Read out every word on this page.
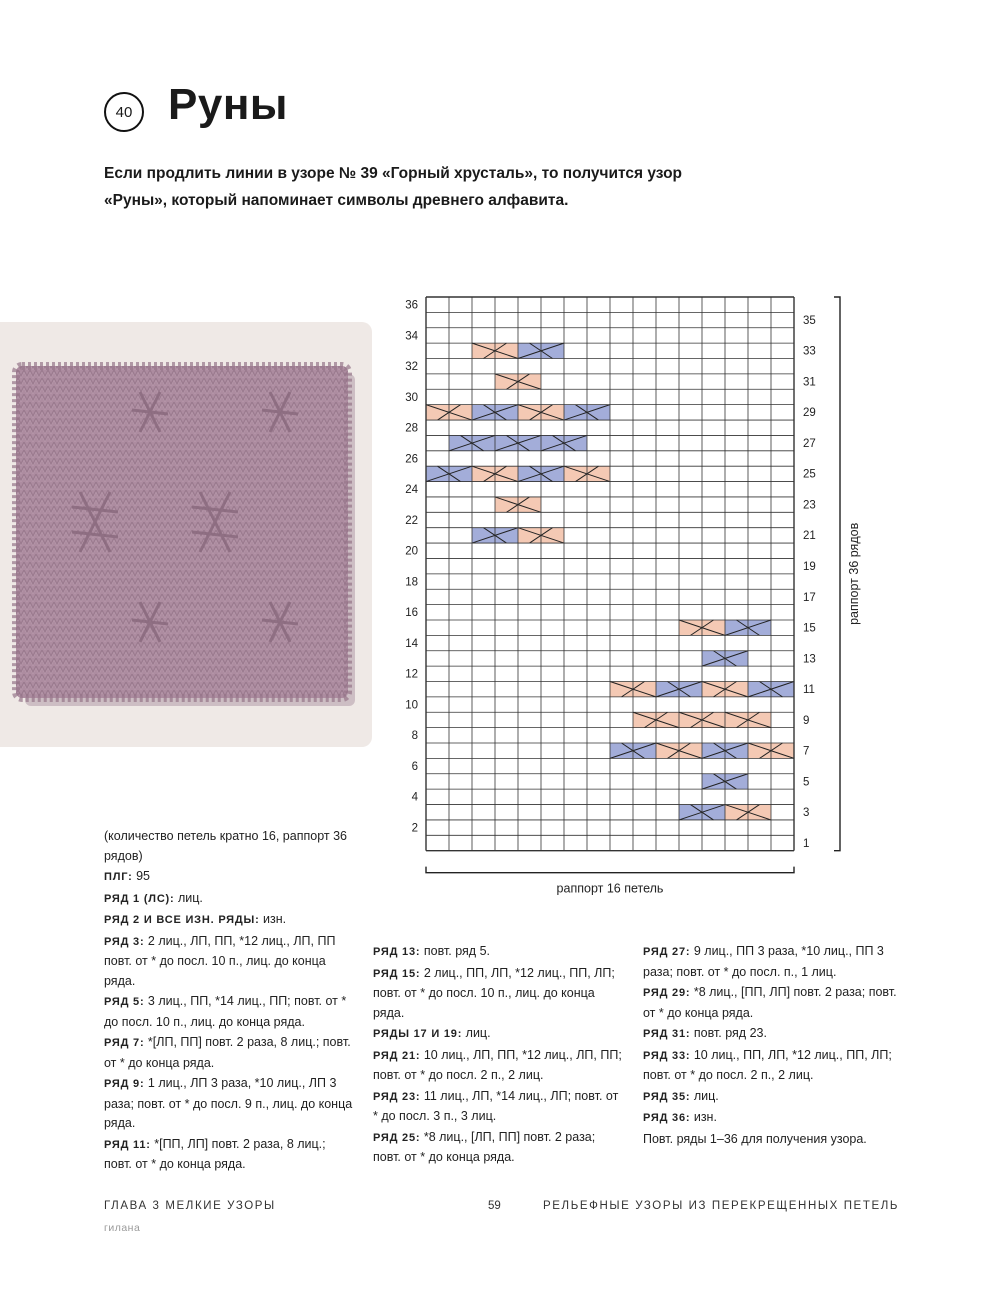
40 Руны

Если продлить линии в узоре № 39 «Горный хрусталь», то получится узор «Руны», который напоминает символы древнего алфавита.

2
4
6
8
10
12
14
16
18
20
22
24
26
28
30
32
34
36
1
3
5
7
9
11
13
15
17
19
21
23
25
27
29
31
33
35
раппорт 16 петель
раппорт 36 рядов

(количество петель кратно 16, раппорт 36 рядов)

ПЛГ: 95

РЯД 1 (ЛС): лиц.

РЯД 2 И ВСЕ ИЗН. РЯДЫ: изн.

РЯД 3: 2 лиц., ЛП, ПП, *12 лиц., ЛП, ПП повт. от * до посл. 10 п., лиц. до конца ряда.

РЯД 5: 3 лиц., ПП, *14 лиц., ПП; повт. от * до посл. 10 п., лиц. до конца ряда.

РЯД 7: *[ЛП, ПП] повт. 2 раза, 8 лиц.; повт. от * до конца ряда.

РЯД 9: 1 лиц., ЛП 3 раза, *10 лиц., ЛП 3 раза; повт. от * до посл. 9 п., лиц. до конца ряда.

РЯД 11: *[ПП, ЛП] повт. 2 раза, 8 лиц.; повт. от * до конца ряда.

РЯД 13: повт. ряд 5.

РЯД 15: 2 лиц., ПП, ЛП, *12 лиц., ПП, ЛП; повт. от * до посл. 10 п., лиц. до конца ряда.

РЯДЫ 17 И 19: лиц.

РЯД 21: 10 лиц., ЛП, ПП, *12 лиц., ЛП, ПП; повт. от * до посл. 2 п., 2 лиц.

РЯД 23: 11 лиц., ЛП, *14 лиц., ЛП; повт. от * до посл. 3 п., 3 лиц.

РЯД 25: *8 лиц., [ЛП, ПП] повт. 2 раза; повт. от * до конца ряда.

РЯД 27: 9 лиц., ПП 3 раза, *10 лиц., ПП 3 раза; повт. от * до посл. п., 1 лиц.

РЯД 29: *8 лиц., [ПП, ЛП] повт. 2 раза; повт. от * до конца ряда.

РЯД 31: повт. ряд 23.

РЯД 33: 10 лиц., ПП, ЛП, *12 лиц., ПП, ЛП; повт. от * до посл. 2 п., 2 лиц.

РЯД 35: лиц.

РЯД 36: изн.

Повт. ряды 1–36 для получения узора.

ГЛАВА 3 МЕЛКИЕ УЗОРЫ	59	РЕЛЬЕФНЫЕ УЗОРЫ ИЗ ПЕРЕКРЕЩЕННЫХ ПЕТЕЛЬ
гилана
